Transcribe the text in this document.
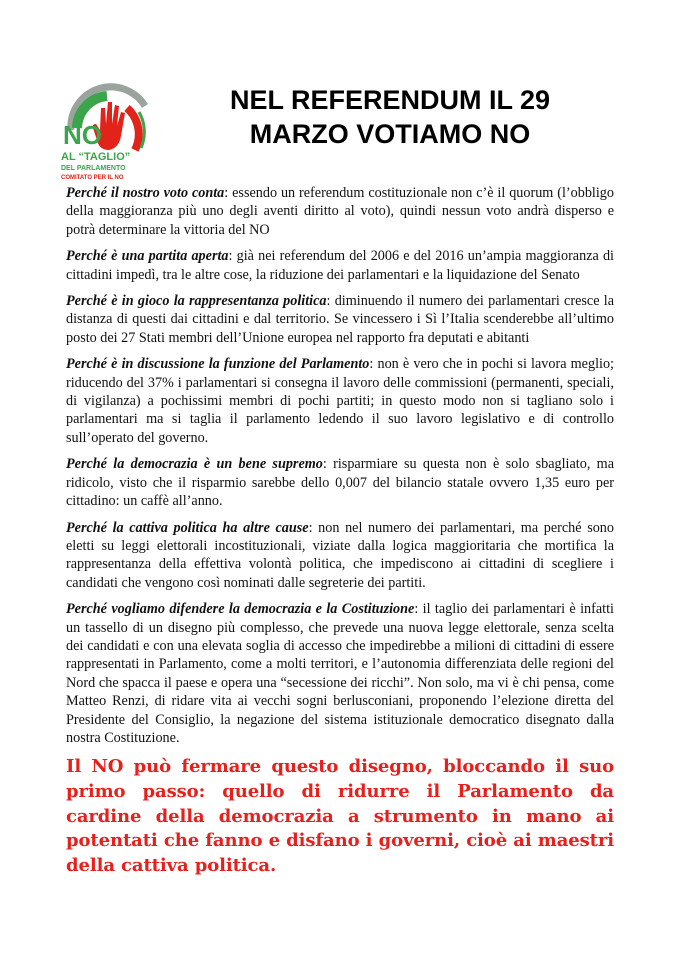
NO
AL “TAGLIO”
DEL PARLAMENTO
COMITATO PER IL NO
NEL REFERENDUM IL 29
MARZO VOTIAMO NO

Perché il nostro voto conta: essendo un referendum costituzionale non c’è il quorum (l’obbligo della maggioranza più uno degli aventi diritto al voto), quindi nessun voto andrà disperso e potrà determinare la vittoria del NO

Perché è una partita aperta: già nei referendum del 2006 e del 2016 un’ampia maggioranza di cittadini impedì, tra le altre cose, la riduzione dei parlamentari e la liquidazione del Senato

Perché è in gioco la rappresentanza politica: diminuendo il numero dei parlamentari cresce la distanza di questi dai cittadini e dal territorio. Se vincessero i Sì l’Italia scenderebbe all’ultimo posto dei 27 Stati membri dell’Unione europea nel rapporto fra deputati e abitanti

Perché è in discussione la funzione del Parlamento: non è vero che in pochi si lavora meglio; riducendo del 37% i parlamentari si consegna il lavoro delle commissioni (permanenti, speciali, di vigilanza) a pochissimi membri di pochi partiti; in questo modo non si tagliano solo i parlamentari ma si taglia il parlamento ledendo il suo lavoro legislativo e di controllo sull’operato del governo.

Perché la democrazia è un bene supremo: risparmiare su questa non è solo sbagliato, ma ridicolo, visto che il risparmio sarebbe dello 0,007 del bilancio statale ovvero 1,35 euro per cittadino: un caffè all’anno.

Perché la cattiva politica ha altre cause: non nel numero dei parlamentari, ma perché sono eletti su leggi elettorali incostituzionali, viziate dalla logica maggioritaria che mortifica la rappresentanza della effettiva volontà politica, che impediscono ai cittadini di scegliere i candidati che vengono così nominati dalle segreterie dei partiti.

Perché vogliamo difendere la democrazia e la Costituzione: il taglio dei parlamentari è infatti un tassello di un disegno più complesso, che prevede una nuova legge elettorale, senza scelta dei candidati e con una elevata soglia di accesso che impedirebbe a milioni di cittadini di essere rappresentati in Parlamento, come a molti territori, e l’autonomia differenziata delle regioni del Nord che spacca il paese e opera una “secessione dei ricchi”. Non solo, ma vi è chi pensa, come Matteo Renzi, di ridare vita ai vecchi sogni berlusconiani, proponendo l’elezione diretta del Presidente del Consiglio, la negazione del sistema istituzionale democratico disegnato dalla nostra Costituzione.

Il NO può fermare questo disegno, bloccando il suo primo passo: quello di ridurre il Parlamento da cardine della democrazia a strumento in mano ai potentati che fanno e disfano i governi, cioè ai maestri della cattiva politica.
